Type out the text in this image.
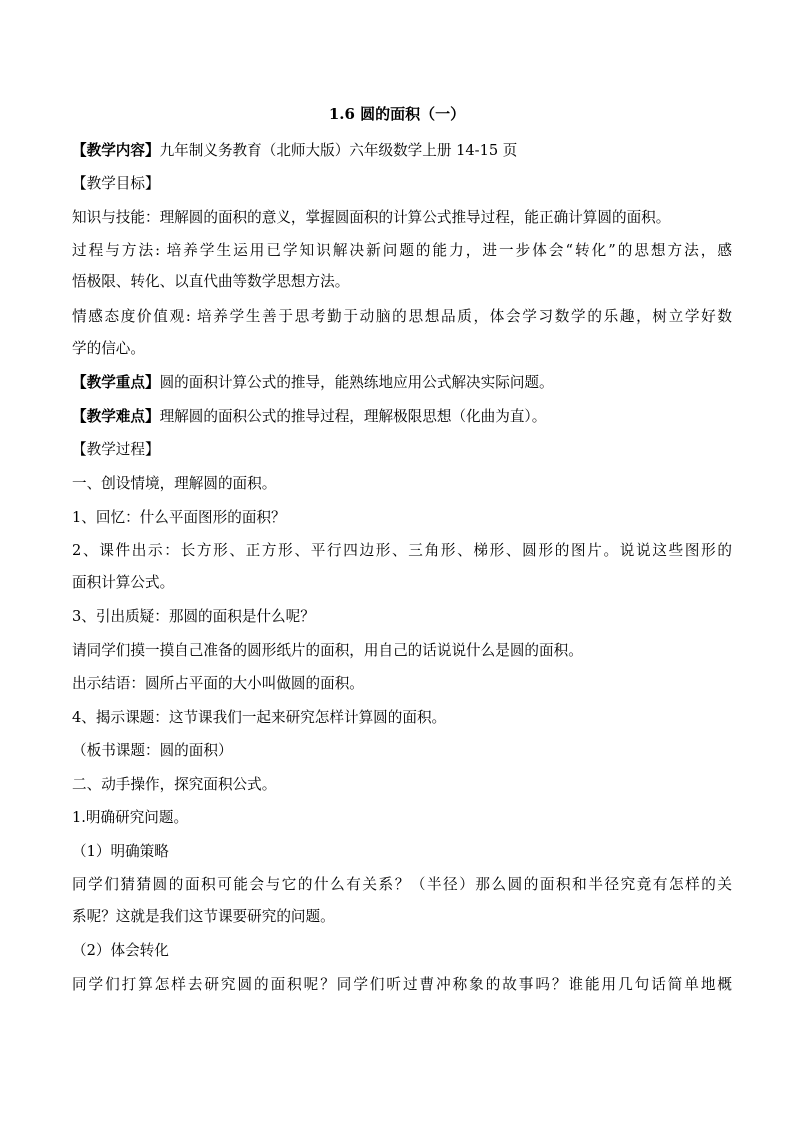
1.6 圆的面积（一）
【教学内容】九年制义务教育（北师大版）六年级数学上册 14-15 页
【教学目标】
知识与技能：理解圆的面积的意义，掌握圆面积的计算公式推导过程，能正确计算圆的面积。
过程与方法: 培养学生运用已学知识解决新问题的能力，进一步体会“转化”的思想方法，感
悟极限、转化、以直代曲等数学思想方法。
情感态度价值观: 培养学生善于思考勤于动脑的思想品质，体会学习数学的乐趣，树立学好数
学的信心。
【教学重点】圆的面积计算公式的推导，能熟练地应用公式解决实际问题。
【教学难点】理解圆的面积公式的推导过程，理解极限思想（化曲为直）。
【教学过程】
一、创设情境，理解圆的面积。
1、回忆：什么平面图形的面积？
2、课件出示：长方形、正方形、平行四边形、三角形、梯形、圆形的图片。说说这些图形的
面积计算公式。
3、引出质疑：那圆的面积是什么呢？
请同学们摸一摸自己准备的圆形纸片的面积，用自己的话说说什么是圆的面积。
出示结语：圆所占平面的大小叫做圆的面积。
4、揭示课题：这节课我们一起来研究怎样计算圆的面积。
（板书课题：圆的面积）
二、动手操作，探究面积公式。
1.明确研究问题。
（1）明确策略
同学们猜猜圆的面积可能会与它的什么有关系？（半径）那么圆的面积和半径究竟有怎样的关
系呢？这就是我们这节课要研究的问题。
（2）体会转化
同学们打算怎样去研究圆的面积呢？同学们听过曹冲称象的故事吗？谁能用几句话简单地概
